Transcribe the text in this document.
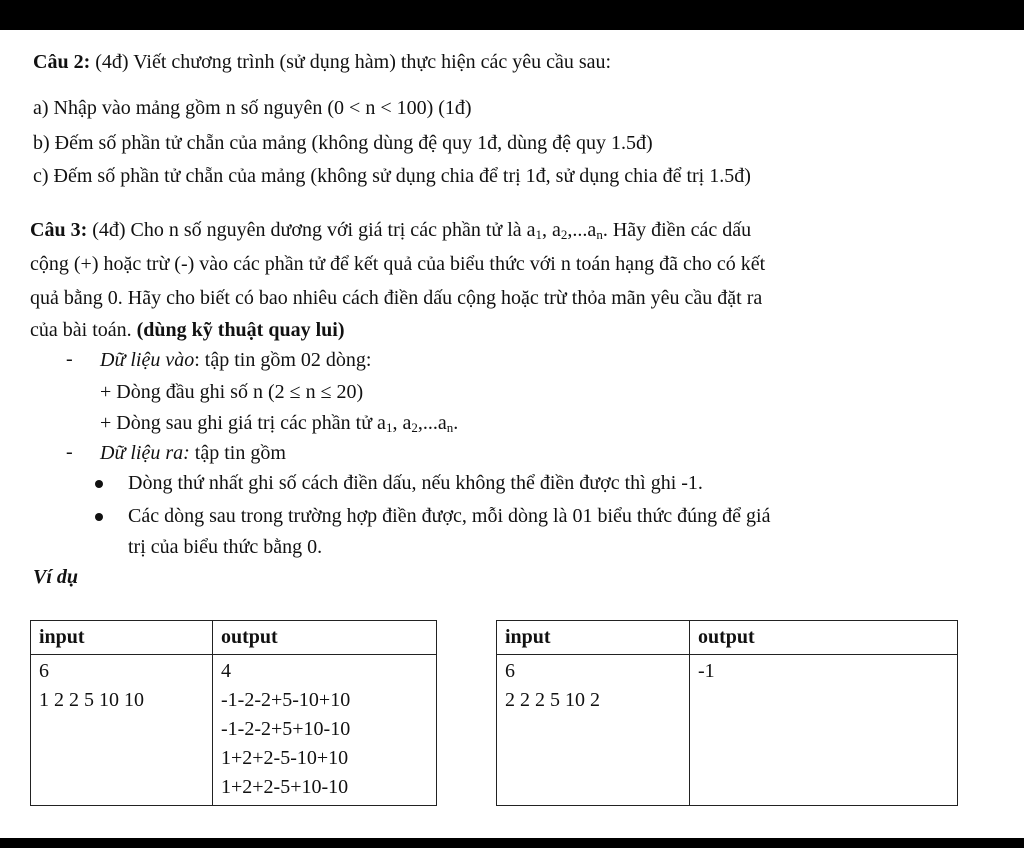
Câu 2: (4đ) Viết chương trình (sử dụng hàm) thực hiện các yêu cầu sau:
a) Nhập vào mảng gồm n số nguyên (0 < n < 100) (1đ)
b) Đếm số phần tử chẵn của mảng (không dùng đệ quy 1đ, dùng đệ quy 1.5đ)
c) Đếm số phần tử chẵn của mảng (không sử dụng chia để trị 1đ, sử dụng chia để trị 1.5đ)
Câu 3: (4đ) Cho n số nguyên dương với giá trị các phần tử là $a_1$, $a_2,...a_n$. Hãy điền các dấu
cộng (+) hoặc trừ (-) vào các phần tử để kết quả của biểu thức với n toán hạng đã cho có kết
quả bằng 0. Hãy cho biết có bao nhiêu cách điền dấu cộng hoặc trừ thỏa mãn yêu cầu đặt ra
của bài toán. (dùng kỹ thuật quay lui)
- Dữ liệu vào: tập tin gồm 02 dòng:
+ Dòng đầu ghi số n (2 ≤ n ≤ 20)
+ Dòng sau ghi giá trị các phần tử $a_1$, $a_2,...a_n$.
- Dữ liệu ra: tập tin gồm
Dòng thứ nhất ghi số cách điền dấu, nếu không thể điền được thì ghi -1.
Các dòng sau trong trường hợp điền được, mỗi dòng là 01 biểu thức đúng để giá
trị của biểu thức bằng 0.
Ví dụ
input	output

6
1 2 2 5 10 10	4
-1-2-2+5-10+10
-1-2-2+5+10-10
1+2+2-5-10+10
1+2+2-5+10-10
input	output

6
2 2 2 5 10 2	-1
